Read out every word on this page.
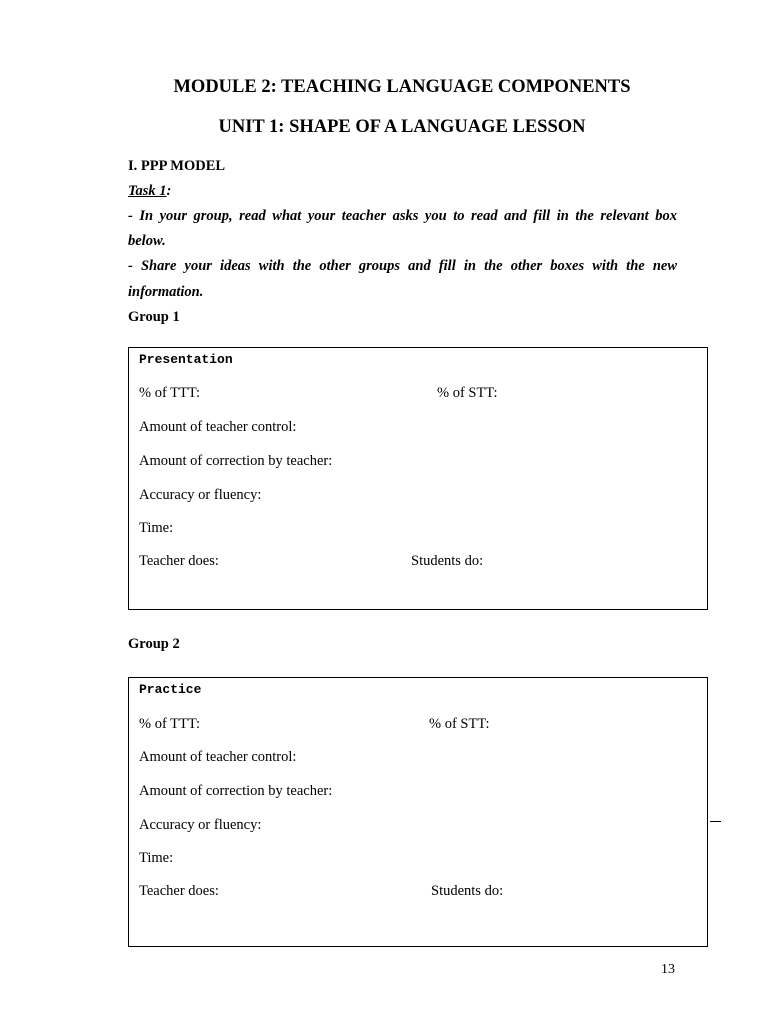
MODULE 2: TEACHING LANGUAGE COMPONENTS
UNIT 1: SHAPE OF A LANGUAGE LESSON
I. PPP MODEL
Task 1:
- In your group, read what your teacher asks you to read and fill in the relevant box
below.
- Share your ideas with the other groups and fill in the other boxes with the new
information.
Group 1
Presentation
% of TTT:	% of STT:
Amount of teacher control:
Amount of correction by teacher:
Accuracy or fluency:
Time:
Teacher does:	Students do:
Group 2
Practice
% of TTT:	% of STT:
Amount of teacher control:
Amount of correction by teacher:
Accuracy or fluency:
Time:
Teacher does:	Students do:
13
